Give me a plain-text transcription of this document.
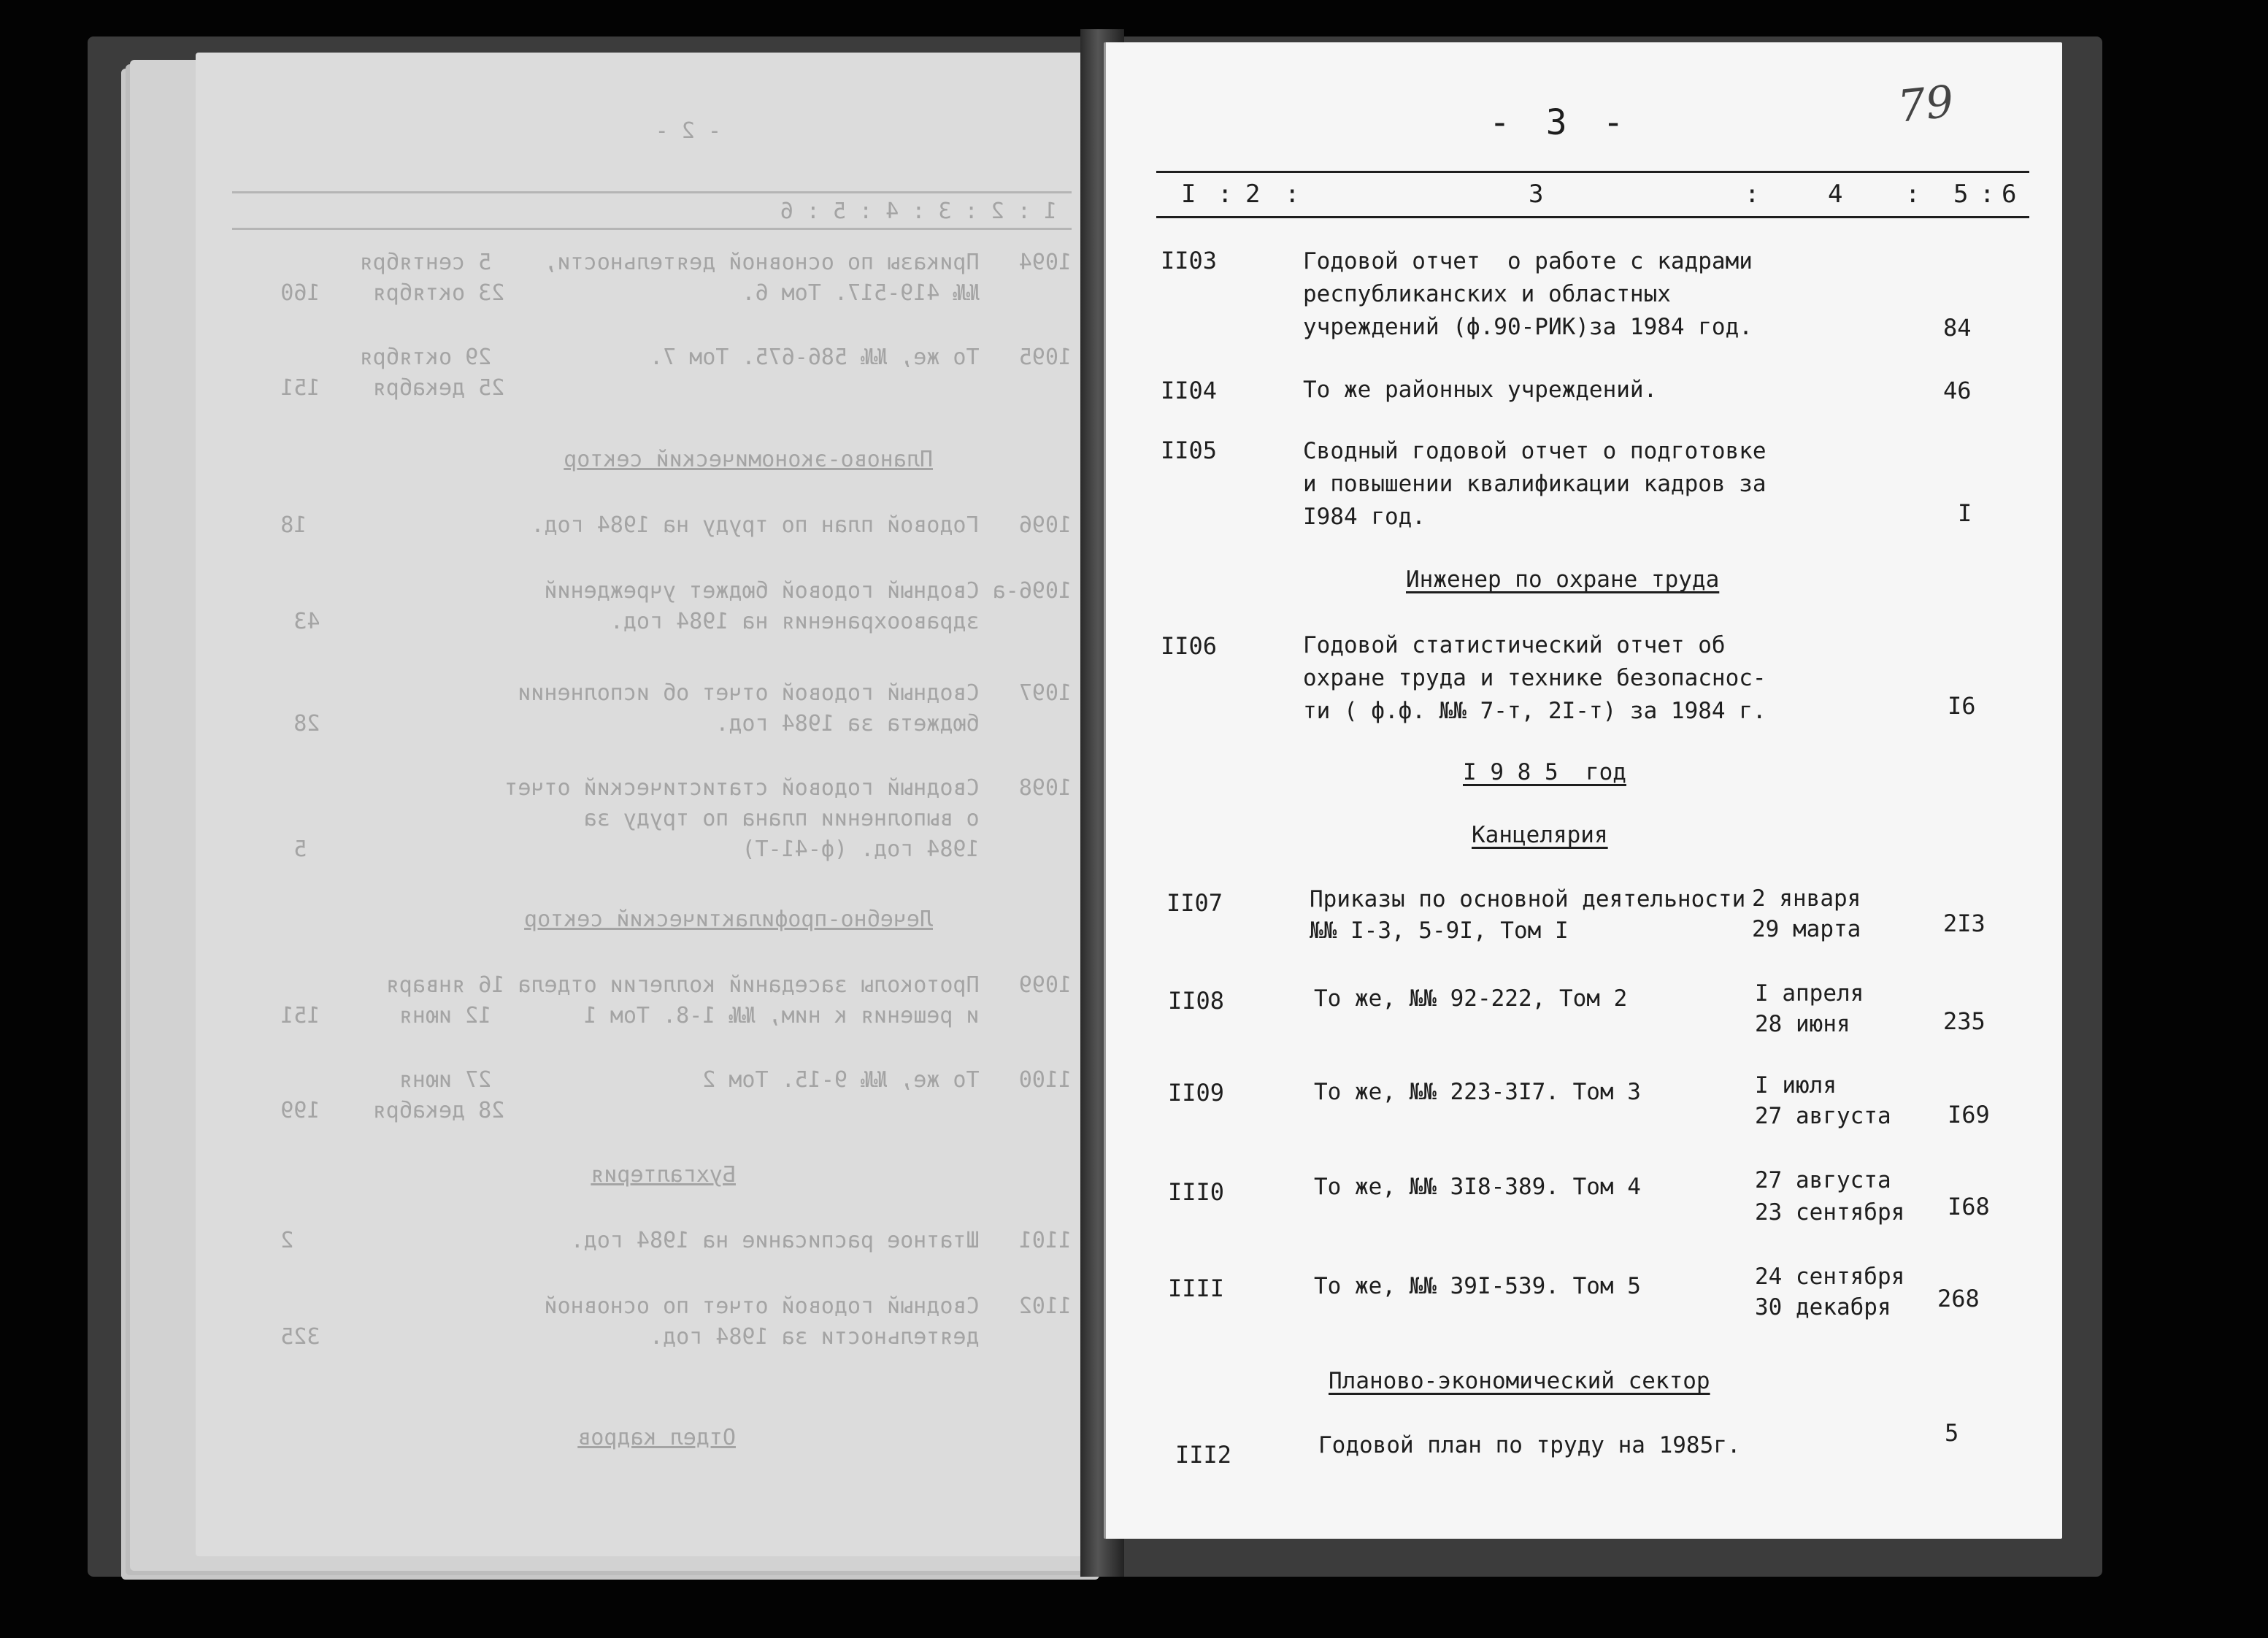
- 2 -
1 : 2 : 3 : 4 : 5 : 6
1094   Приказы по основной деятельности,    5 сентября
№№ 419-517. Том 6.                  23 октября    160
1095   То же, №№ 586-675. Том 7.            29 октября
25 декабря    151
Планово-экономический сектор
1096   Годовой план по труду на 1984 год.                 18
1096-а Сводный годовой бюджет учреждений
здравоохранения на 1984 год.                      43
1097   Сводный годовой отчет об исполнении
бюджета за 1984 год.                              28
1098   Сводный годовой статистический отчет
о выполнении плана по труду за
1984 год. (ф-41-Т)                                 5
Лечебно-профилактический сектор
1099   Протоколы заседаний коллегии отдела 16 января
и решения к ним, №№ 1-8. Том 1       12 июня      151
1100   То же, №№ 9-15. Том 2                27 июня
28 декабря    199
Бухгалтерия
1101   Штатное расписание на 1984 год.                     2
1102   Сводный годовой отчет по основной
деятельности за 1984 год.                         325
Отдел кадров
- 3 -	79
I : 2 :	3	:	4	: 5 : 6
II03	Годовой отчет  о работе с кадрами
республиканских и областных
учреждений (ф.90-РИК)за 1984 год.	84
II04	То же районных учреждений.	46
II05	Сводный годовой отчет о подготовке
и повышении квалификации кадров за
I984 год.	I
Инженер по охране труда
II06	Годовой статистический отчет об
охране труда и технике безопаснос-
ти ( ф.ф. №№ 7-т, 2I-т) за 1984 г.	I6
I 9 8 5  год
Канцелярия
II07	Приказы по основной деятельности
№№ I-3, 5-9I, Том I
2 января
29 марта	2I3
II08	То же, №№ 92-222, Том 2	I апреля
28 июня	235
II09	То же, №№ 223-3I7. Том 3	I июля
27 августа I69
III0	То же, №№ 3I8-389. Том 4	27 августа
23 сентября I68
IIII	То же, №№ 39I-539. Том 5	24 сентября
30 декабря 268
Планово-экономический сектор
III2	Годовой план по труду на 1985г.	5
